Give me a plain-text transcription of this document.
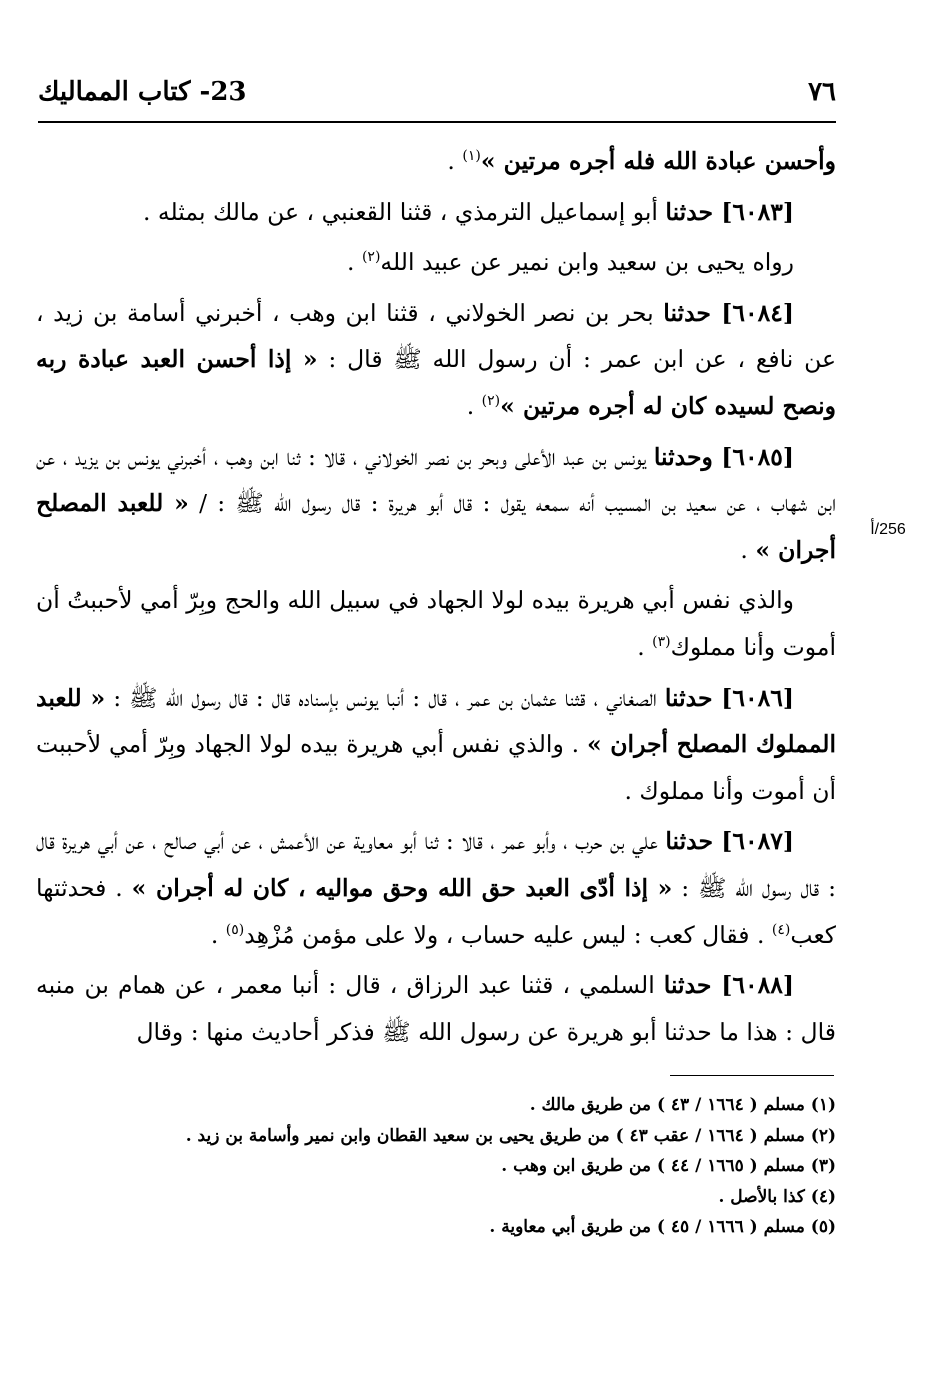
23- كتاب المماليك	٧٦

وأحسن عبادة الله فله أجره مرتين »$^{(١)}$ .

[٦٠٨٣] حدثنا أبو إسماعيل الترمذي ، قثنا القعنبي ، عن مالك بمثله .

رواه يحيى بن سعيد وابن نمير عن عبيد الله$^{(٢)}$ .

[٦٠٨٤] حدثنا بحر بن نصر الخولاني ، قثنا ابن وهب ، أخبرني أسامة بن زيد ، عن نافع ، عن ابن عمر : أن رسول الله ﷺ قال : « إذا أحسن العبد عبادة ربه ونصح لسيده كان له أجره مرتين »$^{(٢)}$ .

[٦٠٨٥] وحدثنا يونس بن عبد الأعلى وبحر بن نصر الخولاني ، قالا : ثنا ابن وهب ، أخبرني يونس بن يزيد ، عن ابن شهاب ، عن سعيد بن المسيب أنه سمعه يقول : قال أبو هريرة : قال رسول الله ﷺ : / « للعبد المصلح أجران » .

والذي نفس أبي هريرة بيده لولا الجهاد في سبيل الله والحج وبِرّ أمي لأحببتُ أن أموت وأنا مملوك$^{(٣)}$ .

[٦٠٨٦] حدثنا الصغاني ، قثنا عثمان بن عمر ، قال : أنبا يونس بإسناده قال : قال رسول الله ﷺ : « للعبد المملوك المصلح أجران » . والذي نفس أبي هريرة بيده لولا الجهاد وبِرّ أمي لأحببت أن أموت وأنا مملوك .

[٦٠٨٧] حدثنا علي بن حرب ، وأبو عمر ، قالا : ثنا أبو معاوية عن الأعمش ، عن أبي صالح ، عن أبي هريرة قال : قال رسول الله ﷺ : « إذا أدّى العبد حق الله وحق مواليه ، كان له أجران » . فحدثتها كعب$^{(٤)}$ . فقال كعب : ليس عليه حساب ، ولا على مؤمن مُزْهِد$^{(٥)}$ .

[٦٠٨٨] حدثنا السلمي ، قثنا عبد الرزاق ، قال : أنبا معمر ، عن همام بن منبه قال : هذا ما حدثنا أبو هريرة عن رسول الله ﷺ فذكر أحاديث منها : وقال

256/أ
(١) مسلم ( ١٦٦٤ / ٤٣ ) من طريق مالك .
(٢) مسلم ( ١٦٦٤ / عقب ٤٣ ) من طريق يحيى بن سعيد القطان وابن نمير وأسامة بن زيد .
(٣) مسلم ( ١٦٦٥ / ٤٤ ) من طريق ابن وهب .
(٤) كذا بالأصل .
(٥) مسلم ( ١٦٦٦ / ٤٥ ) من طريق أبي معاوية .
